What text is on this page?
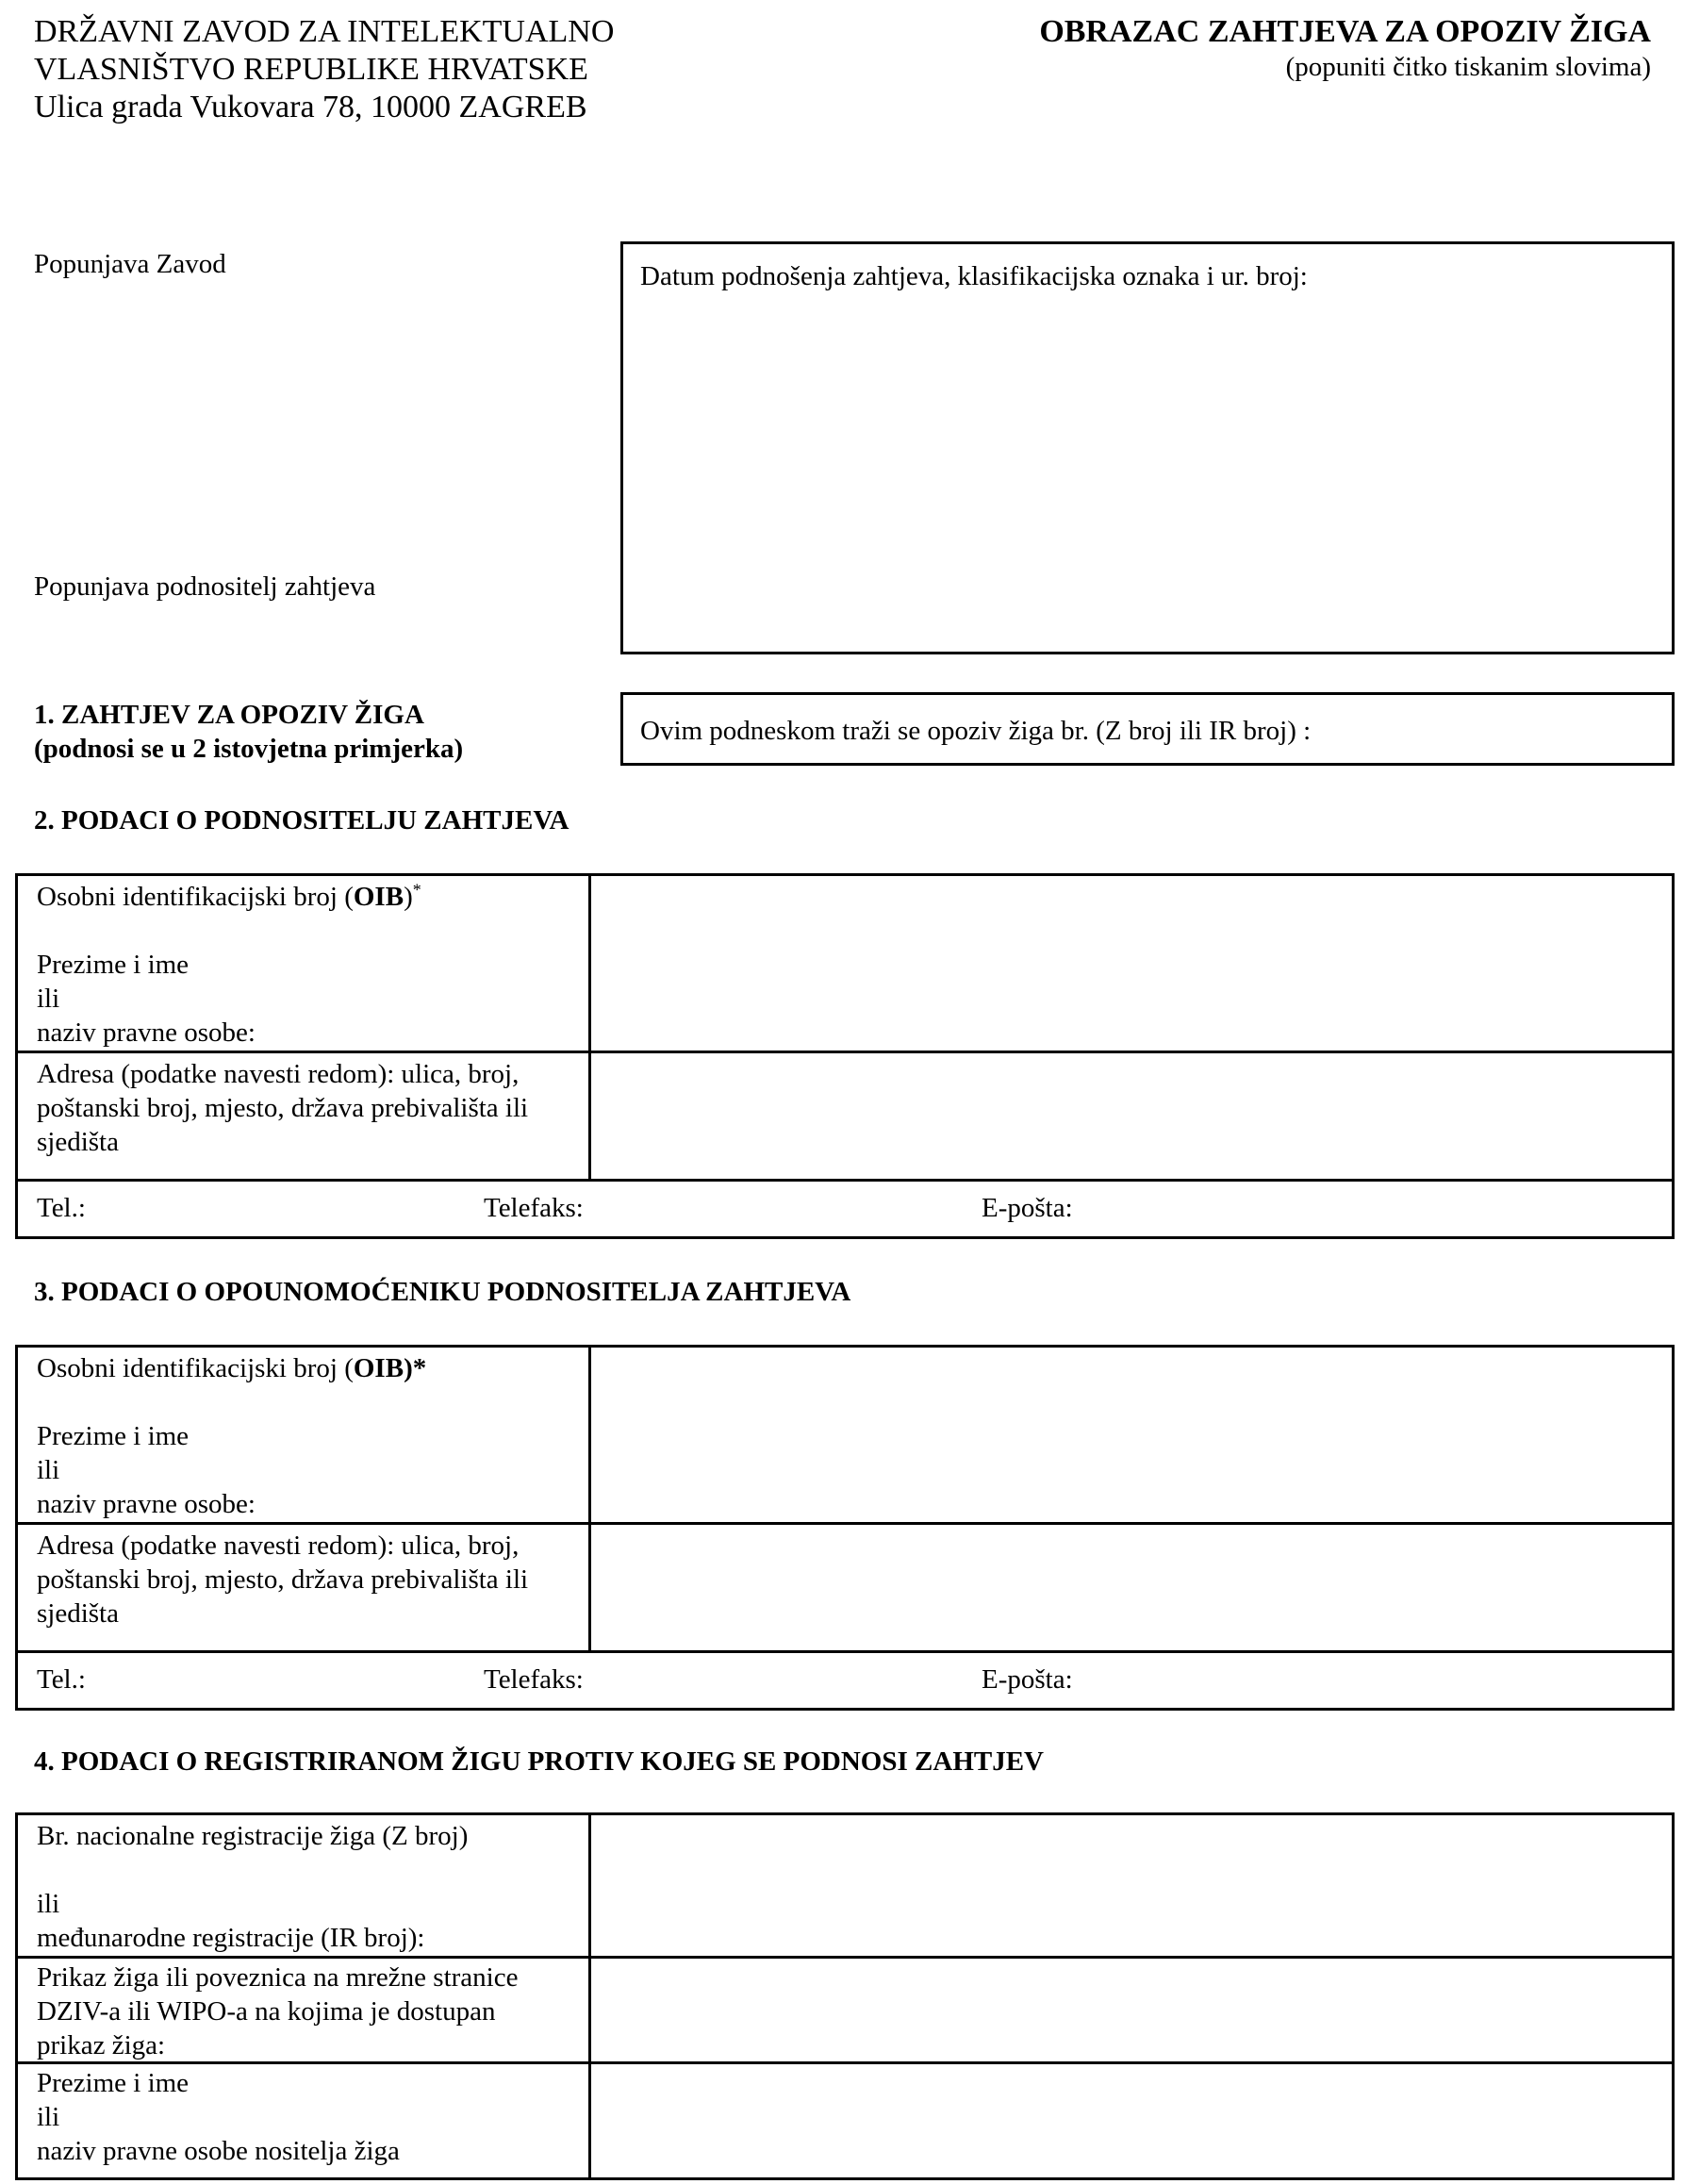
DRŽAVNI ZAVOD ZA INTELEKTUALNO
VLASNIŠTVO REPUBLIKE HRVATSKE
Ulica grada Vukovara 78, 10000 ZAGREB
OBRAZAC ZAHTJEVA ZA OPOZIV ŽIGA
(popuniti čitko tiskanim slovima)
Popunjava Zavod	Datum podnošenja zahtjeva, klasifikacijska oznaka i ur. broj:
Popunjava podnositelj zahtjeva
1. ZAHTJEV ZA OPOZIV ŽIGA
(podnosi se u 2 istovjetna primjerka)
Ovim podneskom traži se opoziv žiga br. (Z broj ili IR broj) :
2. PODACI O PODNOSITELJU ZAHTJEVA
Osobni identifikacijski broj (OIB)*
Prezime i ime
ili
naziv pravne osobe:
Adresa (podatke navesti redom): ulica, broj,
poštanski broj, mjesto, država prebivališta ili
sjedišta
Tel.:	Telefaks:	E-pošta:
3. PODACI O OPOUNOMOĆENIKU PODNOSITELJA ZAHTJEVA
Osobni identifikacijski broj (OIB)*
Prezime i ime
ili
naziv pravne osobe:
Adresa (podatke navesti redom): ulica, broj,
poštanski broj, mjesto, država prebivališta ili
sjedišta
Tel.:	Telefaks:	E-pošta:
4. PODACI O REGISTRIRANOM ŽIGU PROTIV KOJEG SE PODNOSI ZAHTJEV
Br. nacionalne registracije žiga (Z broj)
ili
međunarodne registracije (IR broj):
Prikaz žiga ili poveznica na mrežne stranice
DZIV-a ili WIPO-a na kojima je dostupan
prikaz žiga:
Prezime i ime
ili
naziv pravne osobe nositelja žiga
